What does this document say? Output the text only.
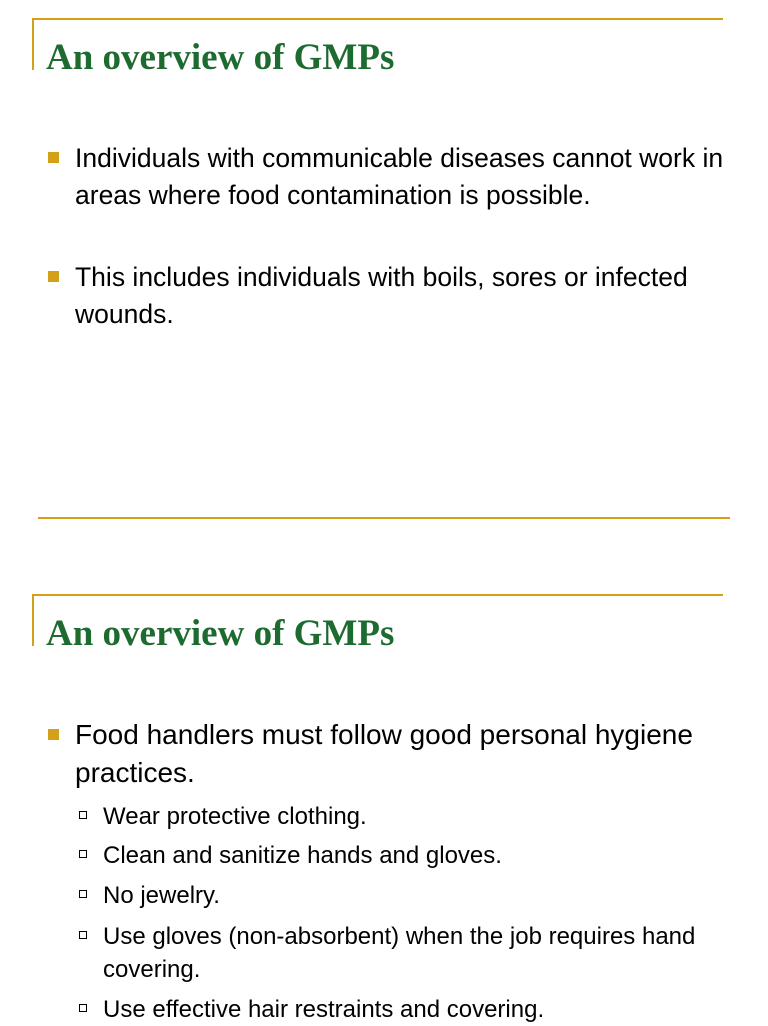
An overview of GMPs
Individuals with communicable diseases cannot work in areas where food contamination is possible.
This includes individuals with boils, sores or infected wounds.
An overview of GMPs
Food handlers must follow good personal hygiene practices.
Wear protective clothing.
Clean and sanitize hands and gloves.
No jewelry.
Use gloves (non-absorbent) when the job requires hand covering.
Use effective hair restraints and covering.
